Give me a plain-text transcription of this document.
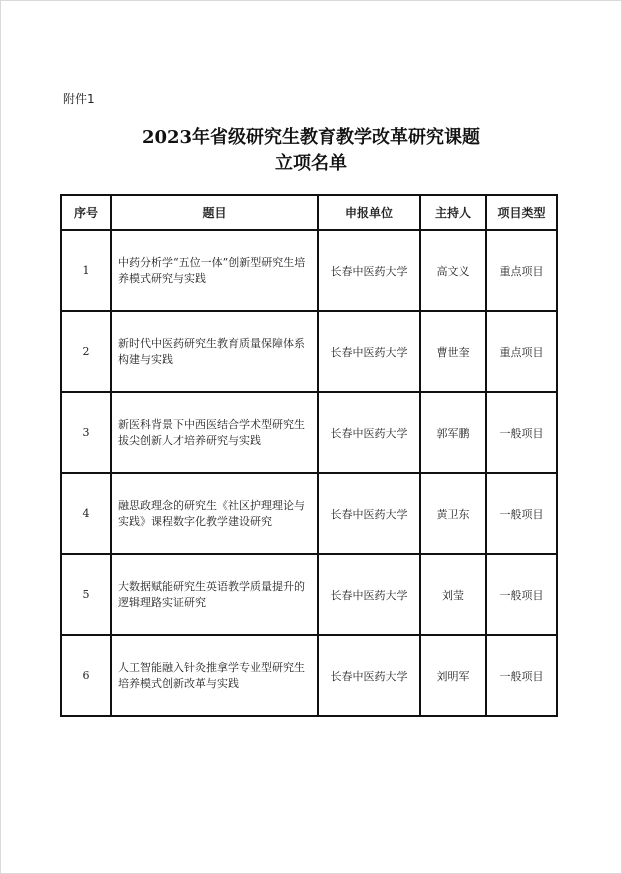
附件1
2023年省级研究生教育教学改革研究课题
立项名单
序号	题目	申报单位	主持人	项目类型
1	中药分析学“五位一体”创新型研究生培养模式研究与实践	长春中医药大学	高文义	重点项目
2	新时代中医药研究生教育质量保障体系构建与实践	长春中医药大学	曹世奎	重点项目
3	新医科背景下中西医结合学术型研究生拔尖创新人才培养研究与实践	长春中医药大学	郭军鹏	一般项目
4	融思政理念的研究生《社区护理理论与实践》课程数字化教学建设研究	长春中医药大学	黄卫东	一般项目
5	大数据赋能研究生英语教学质量提升的逻辑理路实证研究	长春中医药大学	刘莹	一般项目
6	人工智能融入针灸推拿学专业型研究生培养模式创新改革与实践	长春中医药大学	刘明军	一般项目
